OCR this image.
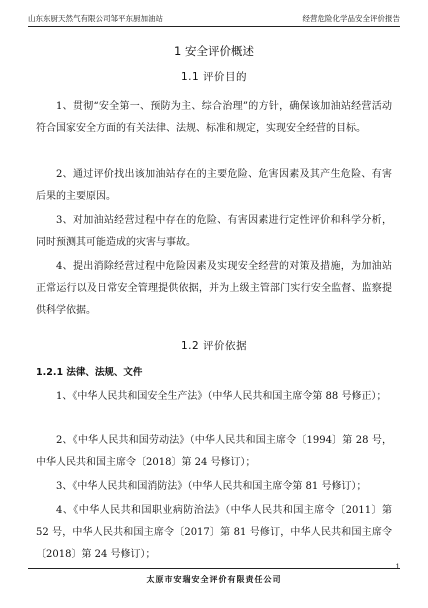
山东东厨天然气有限公司邹平东厨加油站	经营危险化学品安全评价报告
1 安全评价概述
1.1 评价目的
1、贯彻“安全第一、预防为主、综合治理”的方针，确保该加油站经营活动符合国家安全方面的有关法律、法规、标准和规定，实现安全经营的目标。
2、通过评价找出该加油站存在的主要危险、危害因素及其产生危险、有害后果的主要原因。
3、对加油站经营过程中存在的危险、有害因素进行定性评价和科学分析，同时预测其可能造成的灾害与事故。
4、提出消除经营过程中危险因素及实现安全经营的对策及措施，为加油站正常运行以及日常安全管理提供依据，并为上级主管部门实行安全监督、监察提供科学依据。
1.2 评价依据
1.2.1 法律、法规、文件
1、《中华人民共和国安全生产法》（中华人民共和国主席令第 88 号修正）；
2、《中华人民共和国劳动法》（中华人民共和国主席令〔1994〕第 28 号，中华人民共和国主席令〔2018〕第 24 号修订）；
3、《中华人民共和国消防法》（中华人民共和国主席令第 81 号修订）；
4、《中华人民共和国职业病防治法》（中华人民共和国主席令〔2011〕第 52 号，中华人民共和国主席令〔2017〕第 81 号修订，中华人民共和国主席令〔2018〕第 24 号修订）；
1
太原市安瑞安全评价有限责任公司
